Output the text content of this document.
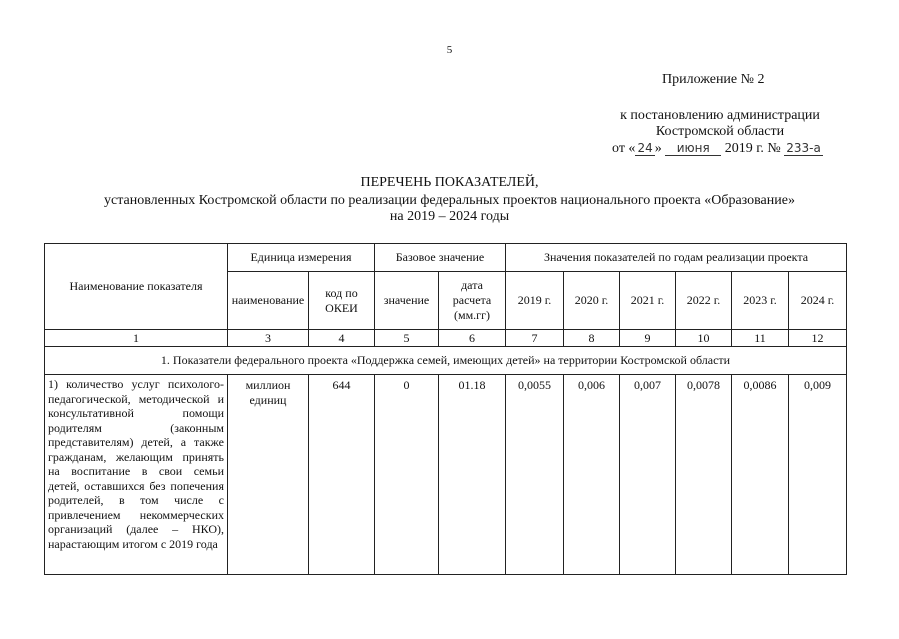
5
Приложение № 2
к постановлению администрации
Костромской области
от « 24 » июня 2019 г. № 233-а
ПЕРЕЧЕНЬ ПОКАЗАТЕЛЕЙ,
установленных Костромской области по реализации федеральных проектов национального проекта «Образование»
на 2019 – 2024 годы
Наименование показателя	Единица измерения		Базовое значение		Значения показателей по годам реализации проекта					
	наименование	код по ОКЕИ	значение	дата расчета (мм.гг)	2019 г.	2020 г.	2021 г.	2022 г.	2023 г.	2024 г.
1	3	4	5	6	7	8	9	10	11	12
1. Показатели федерального проекта «Поддержка семей, имеющих детей» на территории Костромской области										
1) количество услуг психолого-педагогической, методической и консультативной помощи родителям (законным представителям) детей, а также гражданам, желающим принять на воспитание в свои семьи детей, оставшихся без попечения родителей, в том числе с привлечением некоммерческих организаций (далее – НКО), нарастающим итогом с 2019 года	миллион единиц	644	0	01.18	0,0055	0,006	0,007	0,0078	0,0086	0,009
